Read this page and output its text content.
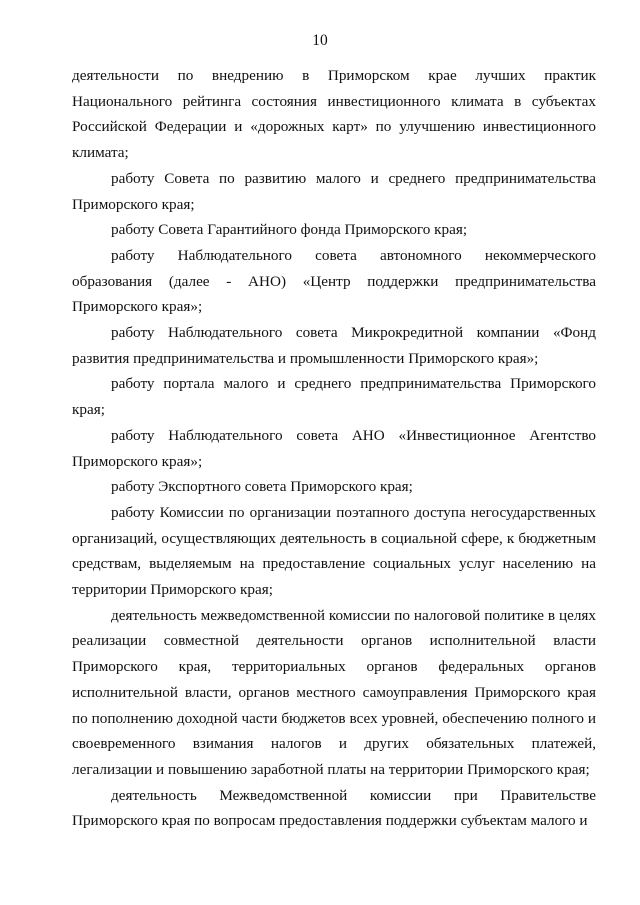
10

деятельности по внедрению в Приморском крае лучших практик Национального рейтинга состояния инвестиционного климата в субъектах Российской Федерации и «дорожных карт» по улучшению инвестиционного климата;

работу Совета по развитию малого и среднего предпринимательства Приморского края;

работу Совета Гарантийного фонда Приморского края;

работу Наблюдательного совета автономного некоммерческого образования (далее - АНО) «Центр поддержки предпринимательства Приморского края»;

работу Наблюдательного совета Микрокредитной компании «Фонд развития предпринимательства и промышленности Приморского края»;

работу портала малого и среднего предпринимательства Приморского края;

работу Наблюдательного совета АНО «Инвестиционное Агентство Приморского края»;

работу Экспортного совета Приморского края;

работу Комиссии по организации поэтапного доступа негосударственных организаций, осуществляющих деятельность в социальной сфере, к бюджетным средствам, выделяемым на предоставление социальных услуг населению на территории Приморского края;

деятельность межведомственной комиссии по налоговой политике в целях реализации совместной деятельности органов исполнительной власти Приморского края, территориальных органов федеральных органов исполнительной власти, органов местного самоуправления Приморского края по пополнению доходной части бюджетов всех уровней, обеспечению полного и своевременного взимания налогов и других обязательных платежей, легализации и повышению заработной платы на территории Приморского края;

деятельность Межведомственной комиссии при Правительстве Приморского края по вопросам предоставления поддержки субъектам малого и
